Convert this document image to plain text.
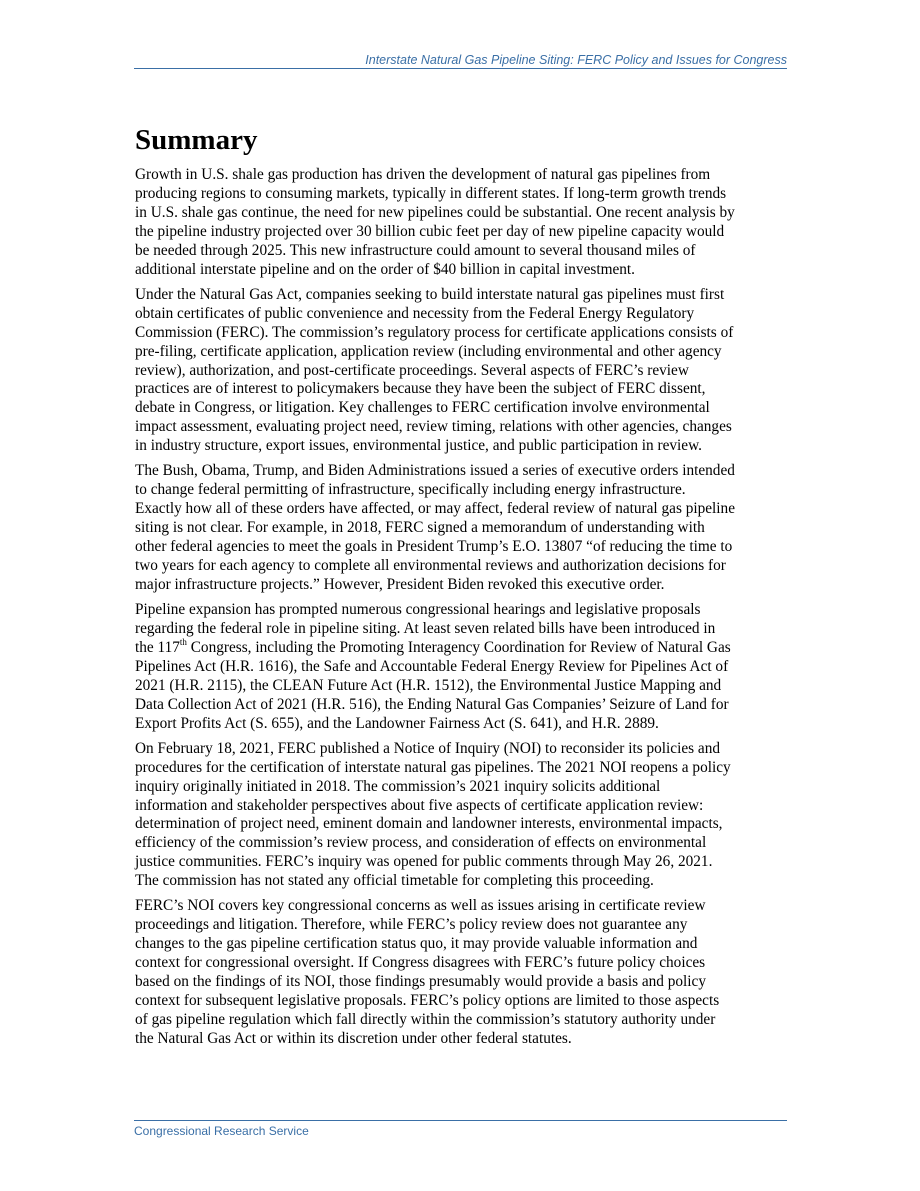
Interstate Natural Gas Pipeline Siting: FERC Policy and Issues for Congress
Summary

Growth in U.S. shale gas production has driven the development of natural gas pipelines from
producing regions to consuming markets, typically in different states. If long-term growth trends
in U.S. shale gas continue, the need for new pipelines could be substantial. One recent analysis by
the pipeline industry projected over 30 billion cubic feet per day of new pipeline capacity would
be needed through 2025. This new infrastructure could amount to several thousand miles of
additional interstate pipeline and on the order of $40 billion in capital investment.

Under the Natural Gas Act, companies seeking to build interstate natural gas pipelines must first
obtain certificates of public convenience and necessity from the Federal Energy Regulatory
Commission (FERC). The commission’s regulatory process for certificate applications consists of
pre-filing, certificate application, application review (including environmental and other agency
review), authorization, and post-certificate proceedings. Several aspects of FERC’s review
practices are of interest to policymakers because they have been the subject of FERC dissent,
debate in Congress, or litigation. Key challenges to FERC certification involve environmental
impact assessment, evaluating project need, review timing, relations with other agencies, changes
in industry structure, export issues, environmental justice, and public participation in review.

The Bush, Obama, Trump, and Biden Administrations issued a series of executive orders intended
to change federal permitting of infrastructure, specifically including energy infrastructure.
Exactly how all of these orders have affected, or may affect, federal review of natural gas pipeline
siting is not clear. For example, in 2018, FERC signed a memorandum of understanding with
other federal agencies to meet the goals in President Trump’s E.O. 13807 “of reducing the time to
two years for each agency to complete all environmental reviews and authorization decisions for
major infrastructure projects.” However, President Biden revoked this executive order.

Pipeline expansion has prompted numerous congressional hearings and legislative proposals
regarding the federal role in pipeline siting. At least seven related bills have been introduced in
the 117th Congress, including the Promoting Interagency Coordination for Review of Natural Gas
Pipelines Act (H.R. 1616), the Safe and Accountable Federal Energy Review for Pipelines Act of
2021 (H.R. 2115), the CLEAN Future Act (H.R. 1512), the Environmental Justice Mapping and
Data Collection Act of 2021 (H.R. 516), the Ending Natural Gas Companies’ Seizure of Land for
Export Profits Act (S. 655), and the Landowner Fairness Act (S. 641), and H.R. 2889.

On February 18, 2021, FERC published a Notice of Inquiry (NOI) to reconsider its policies and
procedures for the certification of interstate natural gas pipelines. The 2021 NOI reopens a policy
inquiry originally initiated in 2018. The commission’s 2021 inquiry solicits additional
information and stakeholder perspectives about five aspects of certificate application review:
determination of project need, eminent domain and landowner interests, environmental impacts,
efficiency of the commission’s review process, and consideration of effects on environmental
justice communities. FERC’s inquiry was opened for public comments through May 26, 2021.
The commission has not stated any official timetable for completing this proceeding.

FERC’s NOI covers key congressional concerns as well as issues arising in certificate review
proceedings and litigation. Therefore, while FERC’s policy review does not guarantee any
changes to the gas pipeline certification status quo, it may provide valuable information and
context for congressional oversight. If Congress disagrees with FERC’s future policy choices
based on the findings of its NOI, those findings presumably would provide a basis and policy
context for subsequent legislative proposals. FERC’s policy options are limited to those aspects
of gas pipeline regulation which fall directly within the commission’s statutory authority under
the Natural Gas Act or within its discretion under other federal statutes.

Congressional Research Service
